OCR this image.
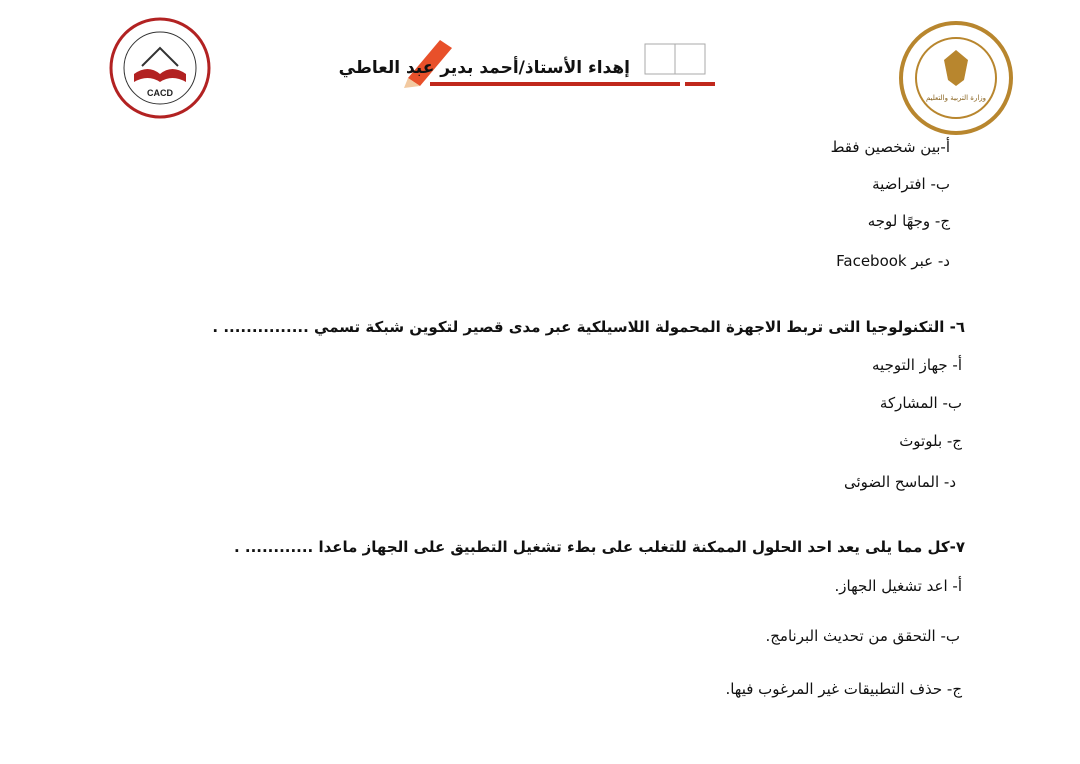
CACD
إهداء الأستاذ/أحمد بدير عبد العاطي
وزارة التربية والتعليم
أ-بين شخصين فقط
ب- افتراضية
ج- وجهًا لوجه
د- عبر Facebook
٦- التكنولوجيا التى تربط الاجهزة المحمولة اللاسيلكية عبر مدى قصير لتكوين شبكة تسمي ............... .
أ- جهاز التوجيه
ب- المشاركة
ج- بلوتوث
د- الماسح الضوئى
٧-كل مما يلى يعد احد الحلول الممكنة للتغلب على بطء تشغيل التطبيق على الجهاز ماعدا ............ .
أ- اعد تشغيل الجهاز.
ب- التحقق من تحديث البرنامج.
ج- حذف التطبيقات غير المرغوب فيها.
